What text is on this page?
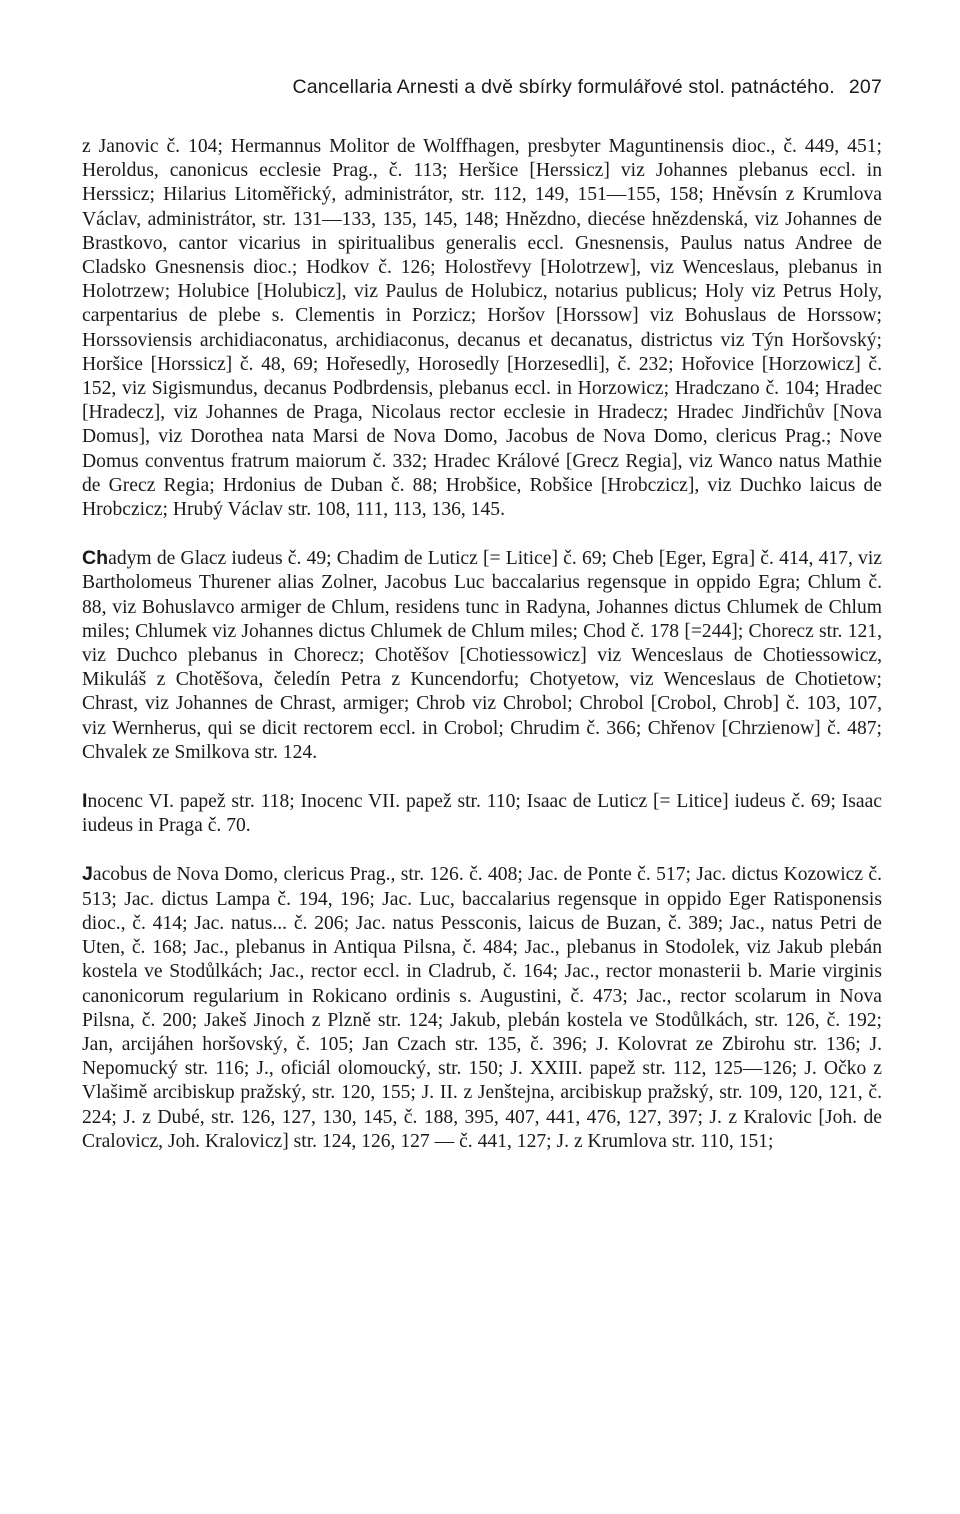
Cancellaria Arnesti a dvě sbírky formulářové stol. patnáctého. 207

z Janovic č. 104; Hermannus Molitor de Wolffhagen, presbyter Maguntinensis dioc., č. 449, 451; Heroldus, canonicus ecclesie Prag., č. 113; Heršice [Herssicz] viz Johannes plebanus eccl. in Herssicz; Hilarius Litoměřický, administrátor, str. 112, 149, 151—155, 158; Hněvsín z Krumlova Václav, administrátor, str. 131—133, 135, 145, 148; Hnězdno, diecése hnězdenská, viz Johannes de Brastkovo, cantor vicarius in spiritualibus generalis eccl. Gnesnensis, Paulus natus Andree de Cladsko Gnesnensis dioc.; Hodkov č. 126; Holostřevy [Holotrzew], viz Wenceslaus, plebanus in Holotrzew; Holubice [Holubicz], viz Paulus de Holubicz, notarius publicus; Holy viz Petrus Holy, carpentarius de plebe s. Clementis in Porzicz; Horšov [Horssow] viz Bohuslaus de Horssow; Horssoviensis archidiaconatus, archidiaconus, decanus et decanatus, districtus viz Týn Horšovský; Horšice [Horssicz] č. 48, 69; Hořesedly, Horosedly [Horzesedli], č. 232; Hořovice [Horzowicz] č. 152, viz Sigismundus, decanus Podbrdensis, plebanus eccl. in Horzowicz; Hradczano č. 104; Hradec [Hradecz], viz Johannes de Praga, Nicolaus rector ecclesie in Hradecz; Hradec Jindřichův [Nova Domus], viz Dorothea nata Marsi de Nova Domo, Jacobus de Nova Domo, clericus Prag.; Nove Domus conventus fratrum maiorum č. 332; Hradec Králové [Grecz Regia], viz Wanco natus Mathie de Grecz Regia; Hrdonius de Duban č. 88; Hrobšice, Robšice [Hrobczicz], viz Duchko laicus de Hrobczicz; Hrubý Václav str. 108, 111, 113, 136, 145.

Chadym de Glacz iudeus č. 49; Chadim de Luticz [= Litice] č. 69; Cheb [Eger, Egra] č. 414, 417, viz Bartholomeus Thurener alias Zolner, Jacobus Luc baccalarius regensque in oppido Egra; Chlum č. 88, viz Bohuslavco armiger de Chlum, residens tunc in Radyna, Johannes dictus Chlumek de Chlum miles; Chlumek viz Johannes dictus Chlumek de Chlum miles; Chod č. 178 [=244]; Chorecz str. 121, viz Duchco plebanus in Chorecz; Chotěšov [Chotiessowicz] viz Wenceslaus de Chotiessowicz, Mikuláš z Chotěšova, čeledín Petra z Kuncendorfu; Chotyetow, viz Wenceslaus de Chotietow; Chrast, viz Johannes de Chrast, armiger; Chrob viz Chrobol; Chrobol [Crobol, Chrob] č. 103, 107, viz Wernherus, qui se dicit rectorem eccl. in Crobol; Chrudim č. 366; Chřenov [Chrzienow] č. 487; Chvalek ze Smilkova str. 124.

Inocenc VI. papež str. 118; Inocenc VII. papež str. 110; Isaac de Luticz [= Litice] iudeus č. 69; Isaac iudeus in Praga č. 70.

Jacobus de Nova Domo, clericus Prag., str. 126. č. 408; Jac. de Ponte č. 517; Jac. dictus Kozowicz č. 513; Jac. dictus Lampa č. 194, 196; Jac. Luc, baccalarius regensque in oppido Eger Ratisponensis dioc., č. 414; Jac. natus... č. 206; Jac. natus Pessconis, laicus de Buzan, č. 389; Jac., natus Petri de Uten, č. 168; Jac., plebanus in Antiqua Pilsna, č. 484; Jac., plebanus in Stodolek, viz Jakub plebán kostela ve Stodůlkách; Jac., rector eccl. in Cladrub, č. 164; Jac., rector monasterii b. Marie virginis canonicorum regularium in Rokicano ordinis s. Augustini, č. 473; Jac., rector scolarum in Nova Pilsna, č. 200; Jakeš Jinoch z Plzně str. 124; Jakub, plebán kostela ve Stodůlkách, str. 126, č. 192; Jan, arcijáhen horšovský, č. 105; Jan Czach str. 135, č. 396; J. Kolovrat ze Zbirohu str. 136; J. Nepomucký str. 116; J., oficiál olomoucký, str. 150; J. XXIII. papež str. 112, 125—126; J. Očko z Vlašimě arcibiskup pražský, str. 120, 155; J. II. z Jenštejna, arcibiskup pražský, str. 109, 120, 121, č. 224; J. z Dubé, str. 126, 127, 130, 145, č. 188, 395, 407, 441, 476, 127, 397; J. z Kralovic [Joh. de Cralovicz, Joh. Kralovicz] str. 124, 126, 127 — č. 441, 127; J. z Krumlova str. 110, 151;
